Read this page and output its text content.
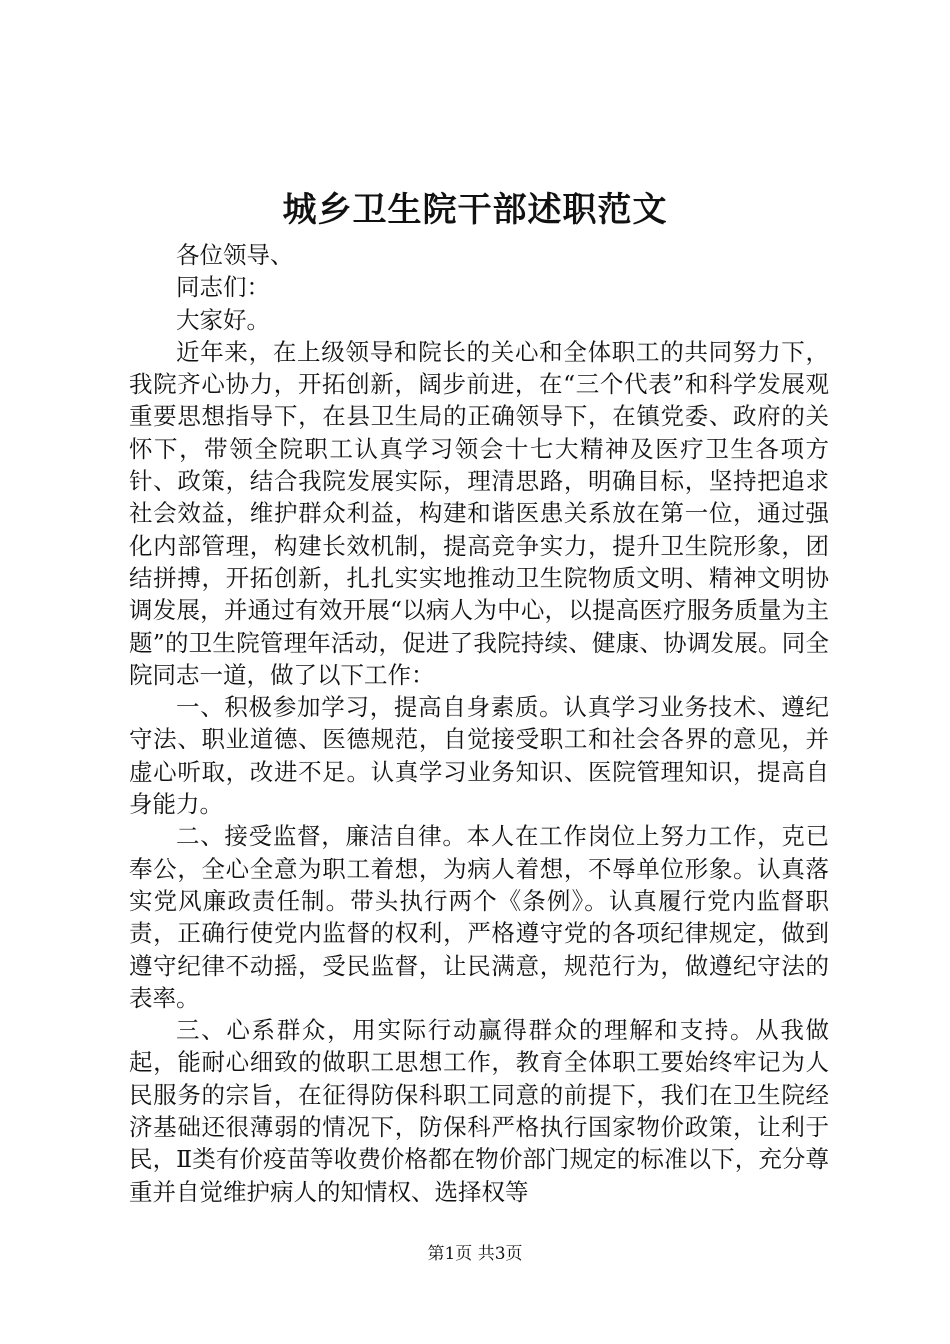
城乡卫生院干部述职范文

各位领导、

同志们：

大家好。

近年来，在上级领导和院长的关心和全体职工的共同努力下，我院齐心协力，开拓创新，阔步前进，在“三个代表”和科学发展观重要思想指导下，在县卫生局的正确领导下，在镇党委、政府的关怀下，带领全院职工认真学习领会十七大精神及医疗卫生各项方针、政策，结合我院发展实际，理清思路，明确目标，坚持把追求社会效益，维护群众利益，构建和谐医患关系放在第一位，通过强化内部管理，构建长效机制，提高竞争实力，提升卫生院形象，团结拼搏，开拓创新，扎扎实实地推动卫生院物质文明、精神文明协调发展，并通过有效开展“以病人为中心，以提高医疗服务质量为主题”的卫生院管理年活动，促进了我院持续、健康、协调发展。同全院同志一道，做了以下工作：

一、积极参加学习，提高自身素质。认真学习业务技术、遵纪守法、职业道德、医德规范，自觉接受职工和社会各界的意见，并虚心听取，改进不足。认真学习业务知识、医院管理知识，提高自身能力。

二、接受监督，廉洁自律。本人在工作岗位上努力工作，克已奉公，全心全意为职工着想，为病人着想，不辱单位形象。认真落实党风廉政责任制。带头执行两个《条例》。认真履行党内监督职责，正确行使党内监督的权利，严格遵守党的各项纪律规定，做到遵守纪律不动摇，受民监督，让民满意，规范行为，做遵纪守法的表率。

三、心系群众，用实际行动赢得群众的理解和支持。从我做起，能耐心细致的做职工思想工作，教育全体职工要始终牢记为人民服务的宗旨，在征得防保科职工同意的前提下，我们在卫生院经济基础还很薄弱的情况下，防保科严格执行国家物价政策，让利于民，Ⅱ类有价疫苗等收费价格都在物价部门规定的标准以下，充分尊重并自觉维护病人的知情权、选择权等

第1页 共3页
